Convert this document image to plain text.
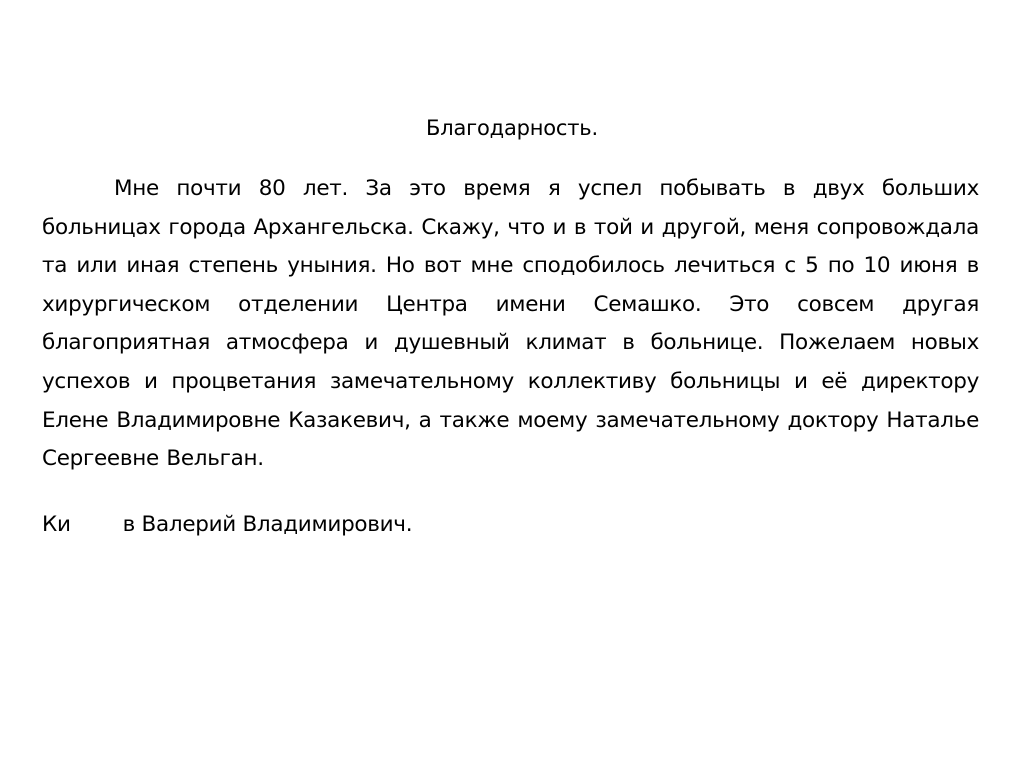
Благодарность.

Мне почти 80 лет. За это время я успел побывать в двух больших больницах города Архангельска. Скажу, что и в той и другой, меня сопровождала та или иная степень уныния. Но вот мне сподобилось лечиться с 5 по 10 июня в хирургическом отделении Центра имени Семашко. Это совсем другая благоприятная атмосфера и душевный климат в больнице. Пожелаем новых успехов и процветания замечательному коллективу больницы и её директору Елене Владимировне Казакевич, а также моему замечательному доктору Наталье Сергеевне Вельган.

Ки в Валерий Владимирович.
